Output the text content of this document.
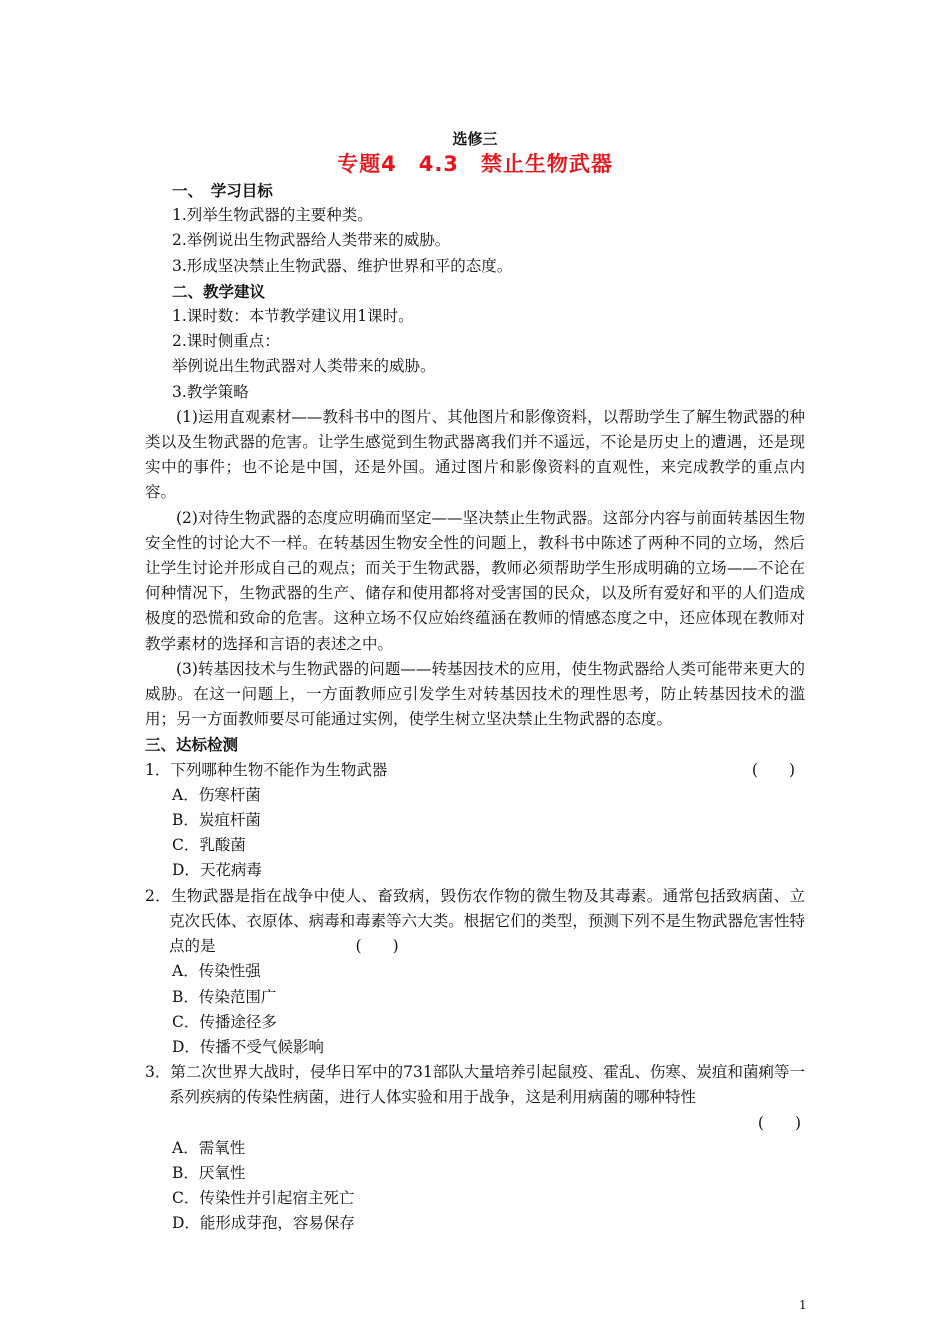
选修三
专题4　4.3　禁止生物武器
一、　学习目标
1.列举生物武器的主要种类。
2.举例说出生物武器给人类带来的威胁。
3.形成坚决禁止生物武器、维护世界和平的态度。
二、教学建议
1.课时数：本节教学建议用1课时。
2.课时侧重点：
举例说出生物武器对人类带来的威胁。
3.教学策略
(1)运用直观素材——教科书中的图片、其他图片和影像资料，以帮助学生了解生物武器的种类以及生物武器的危害。让学生感觉到生物武器离我们并不遥远，不论是历史上的遭遇，还是现实中的事件；也不论是中国，还是外国。通过图片和影像资料的直观性，来完成教学的重点内容。
(2)对待生物武器的态度应明确而坚定——坚决禁止生物武器。这部分内容与前面转基因生物安全性的讨论大不一样。在转基因生物安全性的问题上，教科书中陈述了两种不同的立场，然后让学生讨论并形成自己的观点；而关于生物武器，教师必须帮助学生形成明确的立场——不论在何种情况下，生物武器的生产、储存和使用都将对受害国的民众，以及所有爱好和平的人们造成极度的恐慌和致命的危害。这种立场不仅应始终蕴涵在教师的情感态度之中，还应体现在教师对教学素材的选择和言语的表述之中。
(3)转基因技术与生物武器的问题——转基因技术的应用，使生物武器给人类可能带来更大的威胁。在这一问题上，一方面教师应引发学生对转基因技术的理性思考，防止转基因技术的滥用；另一方面教师要尽可能通过实例，使学生树立坚决禁止生物武器的态度。
三、达标检测
1．下列哪种生物不能作为生物武器	(　　)
A．伤寒杆菌
B．炭疽杆菌
C．乳酸菌
D．天花病毒
2．生物武器是指在战争中使人、畜致病，毁伤农作物的微生物及其毒素。通常包括致病菌、立克次氏体、衣原体、病毒和毒素等六大类。根据它们的类型，预测下列不是生物武器危害性特点的是	(　　)
A．传染性强
B．传染范围广
C．传播途径多
D．传播不受气候影响
3．第二次世界大战时，侵华日军中的731部队大量培养引起鼠疫、霍乱、伤寒、炭疽和菌痢等一系列疾病的传染性病菌，进行人体实验和用于战争，这是利用病菌的哪种特性
(　　)
A．需氧性
B．厌氧性
C．传染性并引起宿主死亡
D．能形成芽孢，容易保存
1
